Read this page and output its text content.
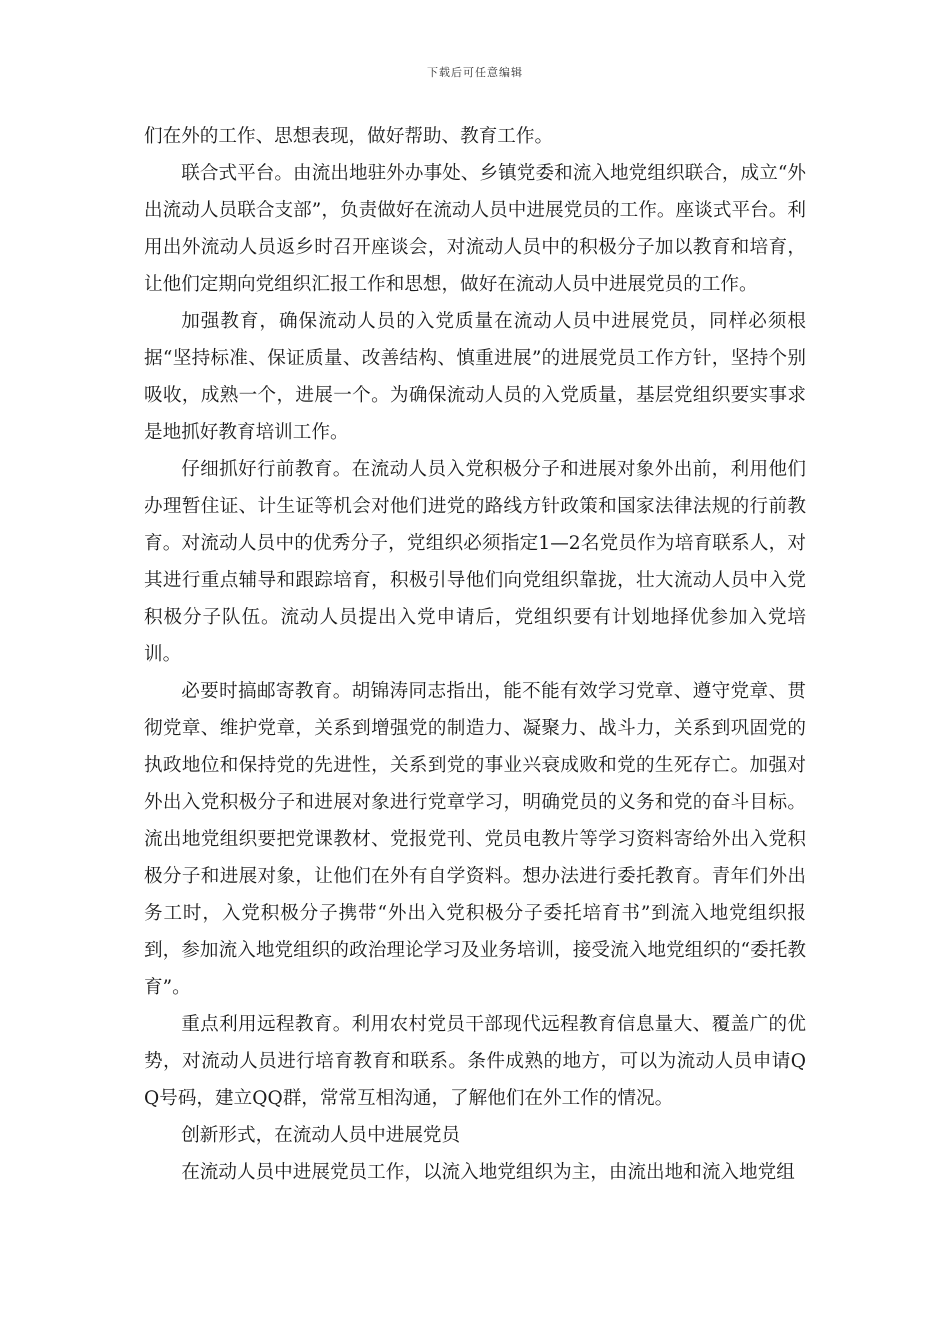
下载后可任意编辑

们在外的工作、思想表现，做好帮助、教育工作。

联合式平台。由流出地驻外办事处、乡镇党委和流入地党组织联合，成立“外出流动人员联合支部”，负责做好在流动人员中进展党员的工作。座谈式平台。利用出外流动人员返乡时召开座谈会，对流动人员中的积极分子加以教育和培育，让他们定期向党组织汇报工作和思想，做好在流动人员中进展党员的工作。

加强教育，确保流动人员的入党质量在流动人员中进展党员，同样必须根据“坚持标准、保证质量、改善结构、慎重进展”的进展党员工作方针，坚持个别吸收，成熟一个，进展一个。为确保流动人员的入党质量，基层党组织要实事求是地抓好教育培训工作。

仔细抓好行前教育。在流动人员入党积极分子和进展对象外出前，利用他们办理暂住证、计生证等机会对他们进党的路线方针政策和国家法律法规的行前教育。对流动人员中的优秀分子，党组织必须指定1—2名党员作为培育联系人，对其进行重点辅导和跟踪培育，积极引导他们向党组织靠拢，壮大流动人员中入党积极分子队伍。流动人员提出入党申请后，党组织要有计划地择优参加入党培训。

必要时搞邮寄教育。胡锦涛同志指出，能不能有效学习党章、遵守党章、贯彻党章、维护党章，关系到增强党的制造力、凝聚力、战斗力，关系到巩固党的执政地位和保持党的先进性，关系到党的事业兴衰成败和党的生死存亡。加强对外出入党积极分子和进展对象进行党章学习，明确党员的义务和党的奋斗目标。流出地党组织要把党课教材、党报党刊、党员电教片等学习资料寄给外出入党积极分子和进展对象，让他们在外有自学资料。想办法进行委托教育。青年们外出务工时，入党积极分子携带“外出入党积极分子委托培育书”到流入地党组织报到，参加流入地党组织的政治理论学习及业务培训，接受流入地党组织的“委托教育”。

重点利用远程教育。利用农村党员干部现代远程教育信息量大、覆盖广的优势，对流动人员进行培育教育和联系。条件成熟的地方，可以为流动人员申请QQ号码，建立QQ群，常常互相沟通，了解他们在外工作的情况。

创新形式，在流动人员中进展党员

在流动人员中进展党员工作，以流入地党组织为主，由流出地和流入地党组
